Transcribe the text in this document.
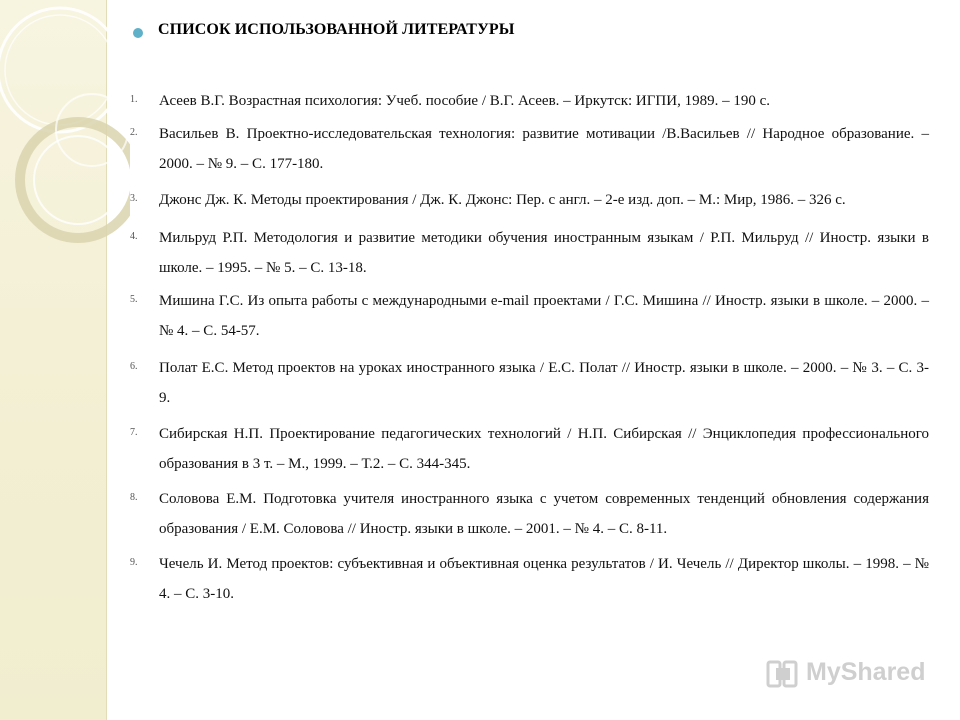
СПИСОК ИСПОЛЬЗОВАННОЙ ЛИТЕРАТУРЫ
1. Асеев В.Г. Возрастная психология: Учеб. пособие / В.Г. Асеев. – Иркутск: ИГПИ, 1989. – 190 с.
2. Васильев В. Проектно-исследовательская технология: развитие мотивации /В.Васильев // Народное образование. – 2000. – № 9. – С. 177-180.
3. Джонс Дж. К. Методы проектирования / Дж. К. Джонс: Пер. с англ. – 2-е изд. доп. – М.: Мир, 1986. – 326 с.
4. Мильруд Р.П. Методология и развитие методики обучения иностранным языкам / Р.П. Мильруд // Иностр. языки в школе. – 1995. – № 5. – С. 13-18.
5. Мишина Г.С. Из опыта работы с международными e-mail проектами / Г.С. Мишина // Иностр. языки в школе. – 2000. – № 4. – С. 54-57.
6. Полат Е.С. Метод проектов на уроках иностранного языка / Е.С. Полат // Иностр. языки в школе. – 2000. – № 3. – С. 3-9.
7. Сибирская Н.П. Проектирование педагогических технологий / Н.П. Сибирская // Энциклопедия профессионального образования в 3 т. – М., 1999. – Т.2. – С. 344-345.
8. Соловова Е.М. Подготовка учителя иностранного языка с учетом современных тенденций обновления содержания образования / Е.М. Соловова // Иностр. языки в школе. – 2001. – № 4. – С. 8-11.
9. Чечель И. Метод проектов: субъективная и объективная оценка результатов / И. Чечель // Директор школы. – 1998. – № 4. – С. 3-10.
MyShared
